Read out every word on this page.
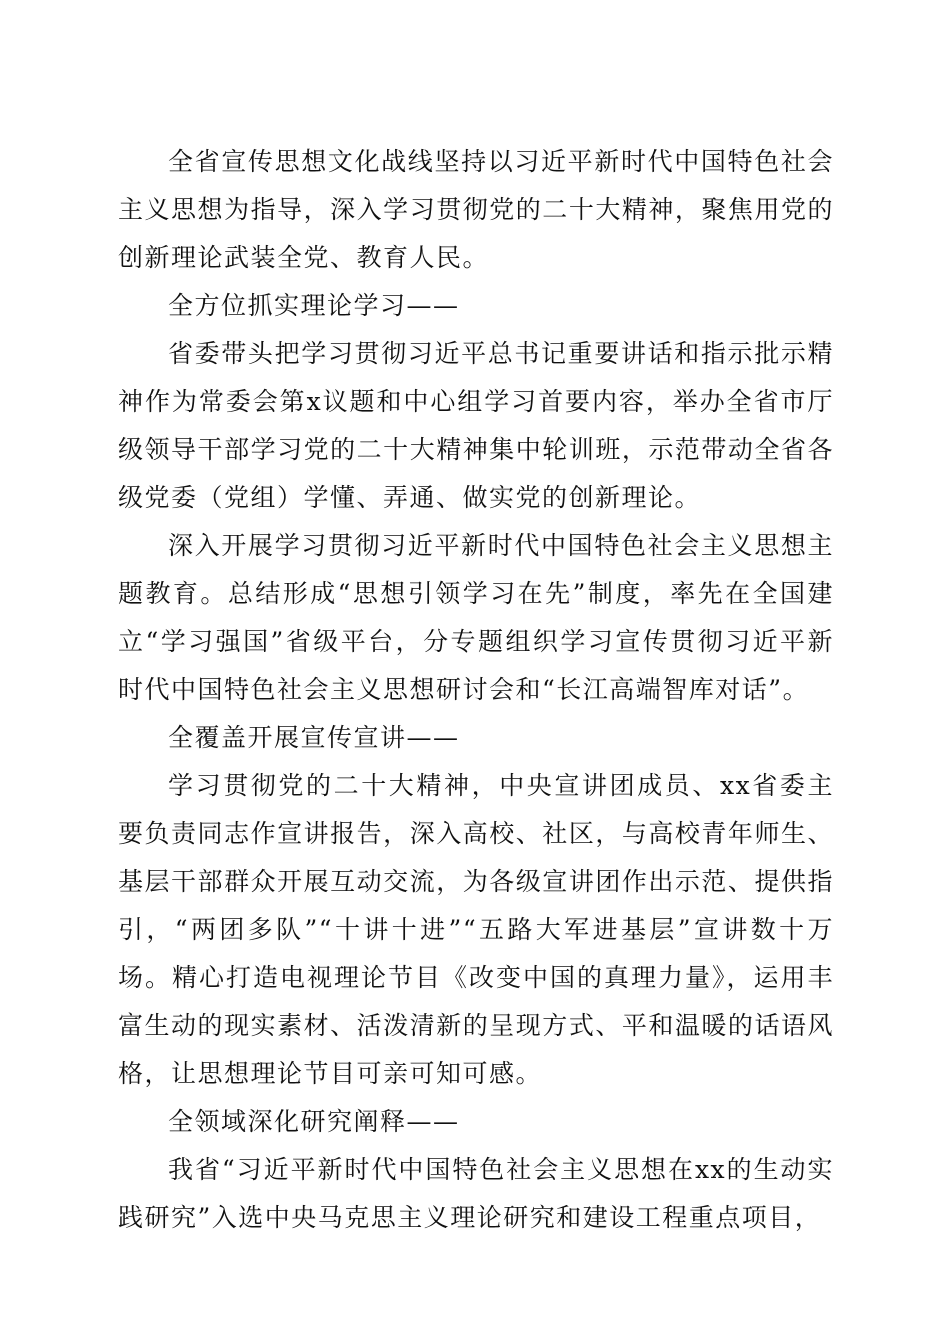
全省宣传思想文化战线坚持以习近平新时代中国特色社会主义思想为指导，深入学习贯彻党的二十大精神，聚焦用党的创新理论武装全党、教育人民。

全方位抓实理论学习——

省委带头把学习贯彻习近平总书记重要讲话和指示批示精神作为常委会第x议题和中心组学习首要内容，举办全省市厅级领导干部学习党的二十大精神集中轮训班，示范带动全省各级党委（党组）学懂、弄通、做实党的创新理论。

深入开展学习贯彻习近平新时代中国特色社会主义思想主题教育。总结形成“思想引领学习在先”制度，率先在全国建立“学习强国”省级平台，分专题组织学习宣传贯彻习近平新时代中国特色社会主义思想研讨会和“长江高端智库对话”。

全覆盖开展宣传宣讲——

学习贯彻党的二十大精神，中央宣讲团成员、xx省委主要负责同志作宣讲报告，深入高校、社区，与高校青年师生、基层干部群众开展互动交流，为各级宣讲团作出示范、提供指引，“两团多队”“十讲十进”“五路大军进基层”宣讲数十万场。精心打造电视理论节目《改变中国的真理力量》，运用丰富生动的现实素材、活泼清新的呈现方式、平和温暖的话语风格，让思想理论节目可亲可知可感。

全领域深化研究阐释——

我省“习近平新时代中国特色社会主义思想在xx的生动实践研究”入选中央马克思主义理论研究和建设工程重点项目，
